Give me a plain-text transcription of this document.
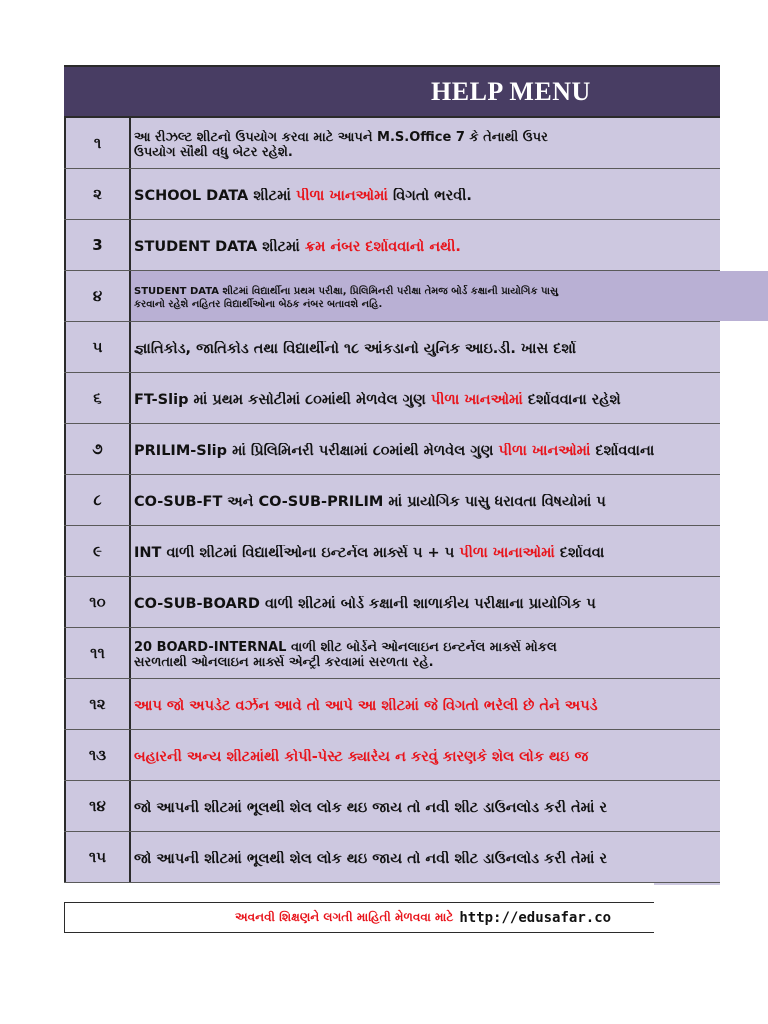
HELP MENU
૧	આ રીઝલ્ટ શીટનો ઉપયોગ કરવા માટે આપને M.S.Office 7 કે તેનાથી ઉપર
ઉપયોગ સૌથી વધુ બેટર રહેશે.
૨	SCHOOL DATA શીટમાં પીળા ખાનઓમાં વિગતો ભરવી.
3	STUDENT DATA શીટમાં ક્રમ નંબર દર્શાવવાનો નથી.
૪	STUDENT DATA શીટમાં વિદ્યાર્થીના પ્રથમ પરીક્ષા, પ્રિલિમિનરી પરીક્ષા તેમજ બોર્ડ કક્ષાની પ્રાયોગિક પાસુ
કરવાનો રહેશે નહિતર વિદ્યાર્થીઓના બેઠક નંબર બતાવશે નહિ.
૫	જ્ઞાતિકોડ, જાતિકોડ તથા વિદ્યાર્થીનો ૧૮ આંકડાનો યુનિક આઇ.ડી. ખાસ દર્શા
૬	FT-Slip માં પ્રથમ કસોટીમાં ૮૦માંથી મેળવેલ ગુણ પીળા ખાનઓમાં દર્શાવવાના રહેશે
૭	PRILIM-Slip માં પ્રિલિમિનરી પરીક્ષામાં ૮૦માંથી મેળવેલ ગુણ પીળા ખાનઓમાં દર્શાવવાના
૮	CO-SUB-FT અને CO-SUB-PRILIM માં પ્રાયોગિક પાસુ ધરાવતા વિષયોમાં પ
૯	INT વાળી શીટમાં વિદ્યાર્થીઓના ઇન્ટર્નલ માર્ક્સ ૫ + ૫ પીળા ખાનાઓમાં દર્શાવવા
૧૦	CO-SUB-BOARD વાળી શીટમાં બોર્ડ કક્ષાની શાળાકીય પરીક્ષાના પ્રાયોગિક પ
૧૧	20 BOARD-INTERNAL વાળી શીટ બોર્ડને ઓનલાઇન ઇન્ટર્નલ માર્ક્સ મોકલ
સરળતાથી ઓનલાઇન માર્ક્સ એન્ટ્રી કરવામાં સરળતા રહે.
૧૨	આપ જો અપડેટ વર્ઝન આવે તો આપે આ શીટમાં જે વિગતો ભરેલી છે તેને અપડે
૧૩	બહારની અન્ય શીટમાંથી કોપી-પેસ્ટ ક્યારેય ન કરવું કારણકે શેલ લોક થઇ જ
૧૪	જો આપની શીટમાં ભૂલથી શેલ લોક થઇ જાય તો નવી શીટ ડાઉનલોડ કરી તેમાં ર
૧૫	જો આપની શીટમાં ભૂલથી શેલ લોક થઇ જાય તો નવી શીટ ડાઉનલોડ કરી તેમાં ર
અવનવી શિક્ષણને લગતી માહિતી મેળવવા માટે http://edusafar.co
